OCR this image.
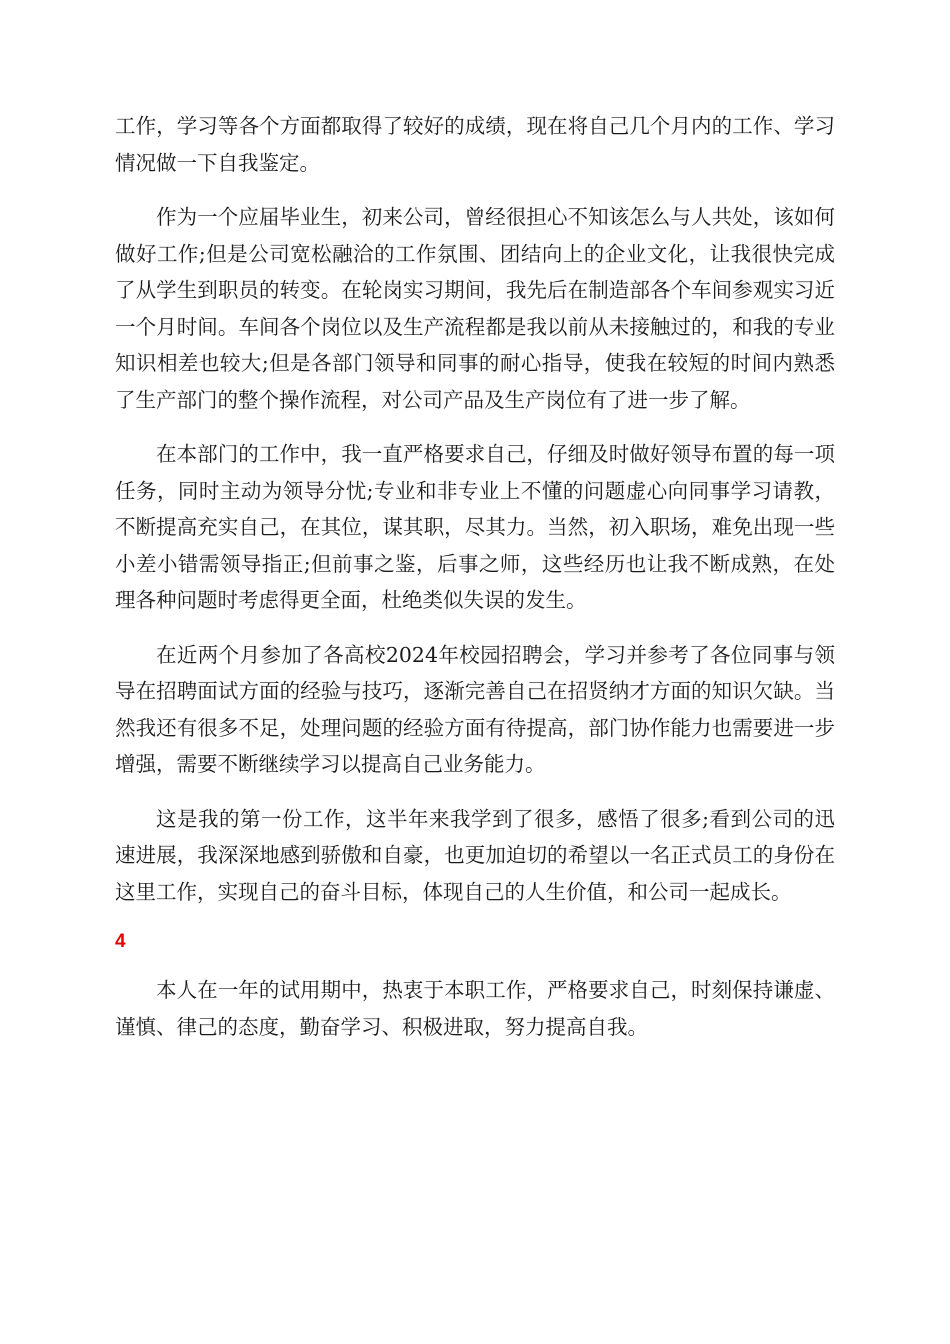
工作，学习等各个方面都取得了较好的成绩，现在将自己几个月内的工作、学习情况做一下自我鉴定。

作为一个应届毕业生，初来公司，曾经很担心不知该怎么与人共处，该如何做好工作;但是公司宽松融洽的工作氛围、团结向上的企业文化，让我很快完成了从学生到职员的转变。在轮岗实习期间，我先后在制造部各个车间参观实习近一个月时间。车间各个岗位以及生产流程都是我以前从未接触过的，和我的专业知识相差也较大;但是各部门领导和同事的耐心指导，使我在较短的时间内熟悉了生产部门的整个操作流程，对公司产品及生产岗位有了进一步了解。

在本部门的工作中，我一直严格要求自己，仔细及时做好领导布置的每一项任务，同时主动为领导分忧;专业和非专业上不懂的问题虚心向同事学习请教，不断提高充实自己，在其位，谋其职，尽其力。当然，初入职场，难免出现一些小差小错需领导指正;但前事之鉴，后事之师，这些经历也让我不断成熟，在处理各种问题时考虑得更全面，杜绝类似失误的发生。

在近两个月参加了各高校2024年校园招聘会，学习并参考了各位同事与领导在招聘面试方面的经验与技巧，逐渐完善自己在招贤纳才方面的知识欠缺。当然我还有很多不足，处理问题的经验方面有待提高，部门协作能力也需要进一步增强，需要不断继续学习以提高自己业务能力。

这是我的第一份工作，这半年来我学到了很多，感悟了很多;看到公司的迅速进展，我深深地感到骄傲和自豪，也更加迫切的希望以一名正式员工的身份在这里工作，实现自己的奋斗目标，体现自己的人生价值，和公司一起成长。

4

本人在一年的试用期中，热衷于本职工作，严格要求自己，时刻保持谦虚、谨慎、律己的态度，勤奋学习、积极进取，努力提高自我。
